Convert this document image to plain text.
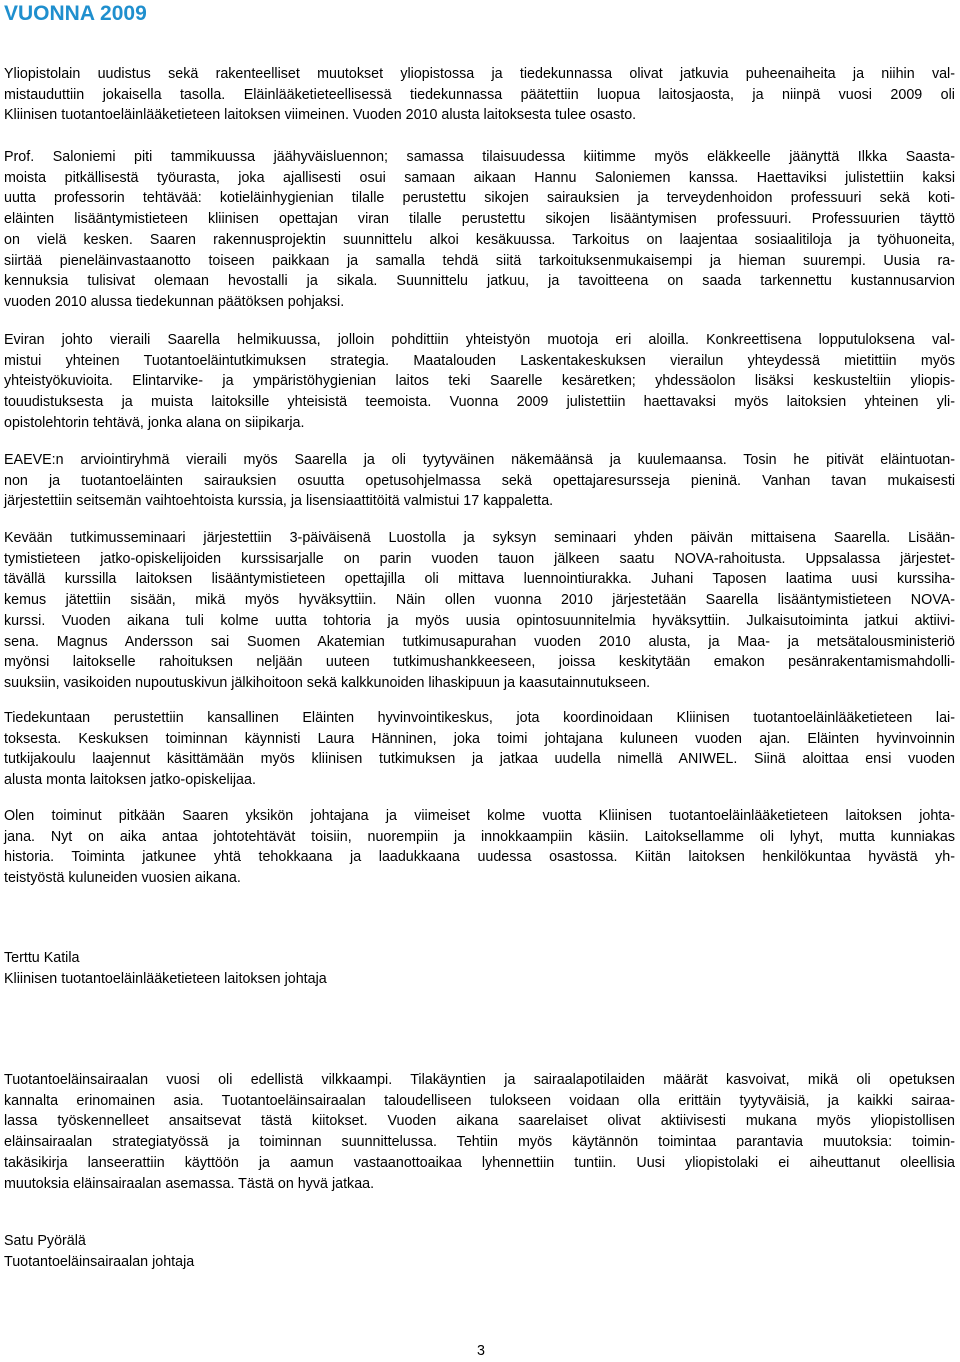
VUONNA 2009

Yliopistolain uudistus sekä rakenteelliset muutokset yliopistossa ja tiedekunnassa olivat jatkuvia puheenaiheita ja niihin val-
mistauduttiin jokaisella tasolla. Eläinlääketieteellisessä tiedekunnassa päätettiin luopua laitosjaosta, ja niinpä vuosi 2009 oli
Kliinisen tuotantoeläinlääketieteen laitoksen viimeinen. Vuoden 2010 alusta laitoksesta tulee osasto.

Prof. Saloniemi piti tammikuussa jäähyväisluennon; samassa tilaisuudessa kiitimme myös eläkkeelle jäänyttä Ilkka Saasta-
moista pitkällisestä työurasta, joka ajallisesti osui samaan aikaan Hannu Saloniemen kanssa. Haettaviksi julistettiin kaksi
uutta professorin tehtävää: kotieläinhygienian tilalle perustettu sikojen sairauksien ja terveydenhoidon professuuri sekä koti-
eläinten lisääntymistieteen kliinisen opettajan viran tilalle perustettu sikojen lisääntymisen professuuri. Professuurien täyttö
on vielä kesken. Saaren rakennusprojektin suunnittelu alkoi kesäkuussa. Tarkoitus on laajentaa sosiaalitiloja ja työhuoneita,
siirtää pieneläinvastaanotto toiseen paikkaan ja samalla tehdä siitä tarkoituksenmukaisempi ja hieman suurempi. Uusia ra-
kennuksia tulisivat olemaan hevostalli ja sikala. Suunnittelu jatkuu, ja tavoitteena on saada tarkennettu kustannusarvion
vuoden 2010 alussa tiedekunnan päätöksen pohjaksi.

Eviran johto vieraili Saarella helmikuussa, jolloin pohdittiin yhteistyön muotoja eri aloilla. Konkreettisena lopputuloksena val-
mistui yhteinen Tuotantoeläintutkimuksen strategia. Maatalouden Laskentakeskuksen vierailun yhteydessä mietittiin myös
yhteistyökuvioita. Elintarvike- ja ympäristöhygienian laitos teki Saarelle kesäretken; yhdessäolon lisäksi keskusteltiin yliopis-
touudistuksesta ja muista laitoksille yhteisistä teemoista. Vuonna 2009 julistettiin haettavaksi myös laitoksien yhteinen yli-
opistolehtorin tehtävä, jonka alana on siipikarja.

EAEVE:n arviointiryhmä vieraili myös Saarella ja oli tyytyväinen näkemäänsä ja kuulemaansa. Tosin he pitivät eläintuotan-
non ja tuotantoeläinten sairauksien osuutta opetusohjelmassa sekä opettajaresursseja pieninä. Vanhan tavan mukaisesti
järjestettiin seitsemän vaihtoehtoista kurssia, ja lisensiaattitöitä valmistui 17 kappaletta.

Kevään tutkimusseminaari järjestettiin 3-päiväisenä Luostolla ja syksyn seminaari yhden päivän mittaisena Saarella. Lisään-
tymistieteen jatko-opiskelijoiden kurssisarjalle on parin vuoden tauon jälkeen saatu NOVA-rahoitusta. Uppsalassa järjestet-
tävällä kurssilla laitoksen lisääntymistieteen opettajilla oli mittava luennointiurakka. Juhani Taposen laatima uusi kurssiha-
kemus jätettiin sisään, mikä myös hyväksyttiin. Näin ollen vuonna 2010 järjestetään Saarella lisääntymistieteen NOVA-
kurssi. Vuoden aikana tuli kolme uutta tohtoria ja myös uusia opintosuunnitelmia hyväksyttiin. Julkaisutoiminta jatkui aktiivi-
sena. Magnus Andersson sai Suomen Akatemian tutkimusapurahan vuoden 2010 alusta, ja Maa- ja metsätalousministeriö
myönsi laitokselle rahoituksen neljään uuteen tutkimushankkeeseen, joissa keskitytään emakon pesänrakentamismahdolli-
suuksiin, vasikoiden nupoutuskivun jälkihoitoon sekä kalkkunoiden lihaskipuun ja kaasutainnutukseen.

Tiedekuntaan perustettiin kansallinen Eläinten hyvinvointikeskus, jota koordinoidaan Kliinisen tuotantoeläinlääketieteen lai-
toksesta. Keskuksen toiminnan käynnisti Laura Hänninen, joka toimi johtajana kuluneen vuoden ajan. Eläinten hyvinvoinnin
tutkijakoulu laajennut käsittämään myös kliinisen tutkimuksen ja jatkaa uudella nimellä ANIWEL. Siinä aloittaa ensi vuoden
alusta monta laitoksen jatko-opiskelijaa.

Olen toiminut pitkään Saaren yksikön johtajana ja viimeiset kolme vuotta Kliinisen tuotantoeläinlääketieteen laitoksen johta-
jana. Nyt on aika antaa johtotehtävät toisiin, nuorempiin ja innokkaampiin käsiin. Laitoksellamme oli lyhyt, mutta kunniakas
historia. Toiminta jatkunee yhtä tehokkaana ja laadukkaana uudessa osastossa. Kiitän laitoksen henkilökuntaa hyvästä yh-
teistyöstä kuluneiden vuosien aikana.

Terttu Katila
Kliinisen tuotantoeläinlääketieteen laitoksen johtaja

Tuotantoeläinsairaalan vuosi oli edellistä vilkkaampi. Tilakäyntien ja sairaalapotilaiden määrät kasvoivat, mikä oli opetuksen
kannalta erinomainen asia. Tuotantoeläinsairaalan taloudelliseen tulokseen voidaan olla erittäin tyytyväisiä, ja kaikki sairaa-
lassa työskennelleet ansaitsevat tästä kiitokset. Vuoden aikana saarelaiset olivat aktiivisesti mukana myös yliopistollisen
eläinsairaalan strategiatyössä ja toiminnan suunnittelussa. Tehtiin myös käytännön toimintaa parantavia muutoksia: toimin-
takäsikirja lanseerattiin käyttöön ja aamun vastaanottoaikaa lyhennettiin tuntiin. Uusi yliopistolaki ei aiheuttanut oleellisia
muutoksia eläinsairaalan asemassa. Tästä on hyvä jatkaa.

Satu Pyörälä
Tuotantoeläinsairaalan johtaja
3
